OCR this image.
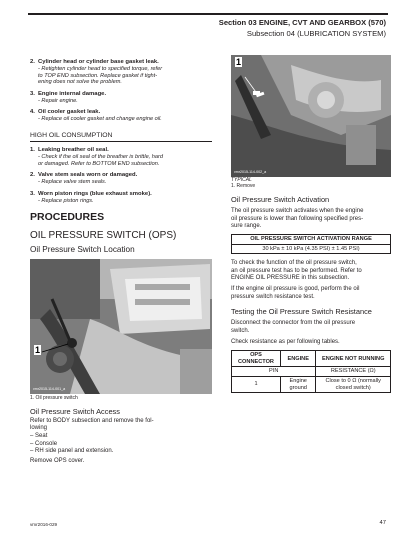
Section 03 ENGINE, CVT AND GEARBOX (570)
Subsection 04 (LUBRICATION SYSTEM)
2. Cylinder head or cylinder base gasket leak.
- Retighten cylinder head to specified torque, refer
to TOP END subsection. Replace gasket if tight-
ening does not solve the problem.
3. Engine internal damage.
- Repair engine.
4. Oil cooler gasket leak.
- Replace oil cooler gasket and change engine oil.
HIGH OIL CONSUMPTION
1. Leaking breather oil seal.
- Check if the oil seal of the breather is brittle, hard
or damaged. Refer to BOTTOM END subsection.
2. Valve stem seals worn or damaged.
- Replace valve stem seals.
3. Worn piston rings (blue exhaust smoke).
- Replace piston rings.
PROCEDURES
OIL PRESSURE SWITCH (OPS)
Oil Pressure Switch Location
1
vmr2015-114-001_a
1. Oil pressure switch
Oil Pressure Switch Access
Refer to BODY subsection and remove the fol-
lowing
– Seat
– Console
– RH side panel and extension.
Remove OPS cover.
1
vmr2015-114-002_a
TYPICAL
1. Remove
Oil Pressure Switch Activation
The oil pressure switch activates when the engine
oil pressure is lower than following specified pres-
sure range.
OIL PRESSURE SWITCH ACTIVATION RANGE
30 kPa ± 10 kPa (4.35 PSI) ± 1.45 PSI)
To check the function of the oil pressure switch,
an oil pressure test has to be performed. Refer to
ENGINE OIL PRESSURE in this subsection.
If the engine oil pressure is good, perform the oil
pressure switch resistance test.
Testing the Oil Pressure Switch Resistance
Disconnect the connector from the oil pressure
switch.
Check resistance as per following tables.
OPS CONNECTOR	ENGINE	ENGINE NOT RUNNING
PIN		RESISTANCE (Ω)
1	Engine ground	Close to 0 Ω (normally closed switch)
vmr2016-029	47
